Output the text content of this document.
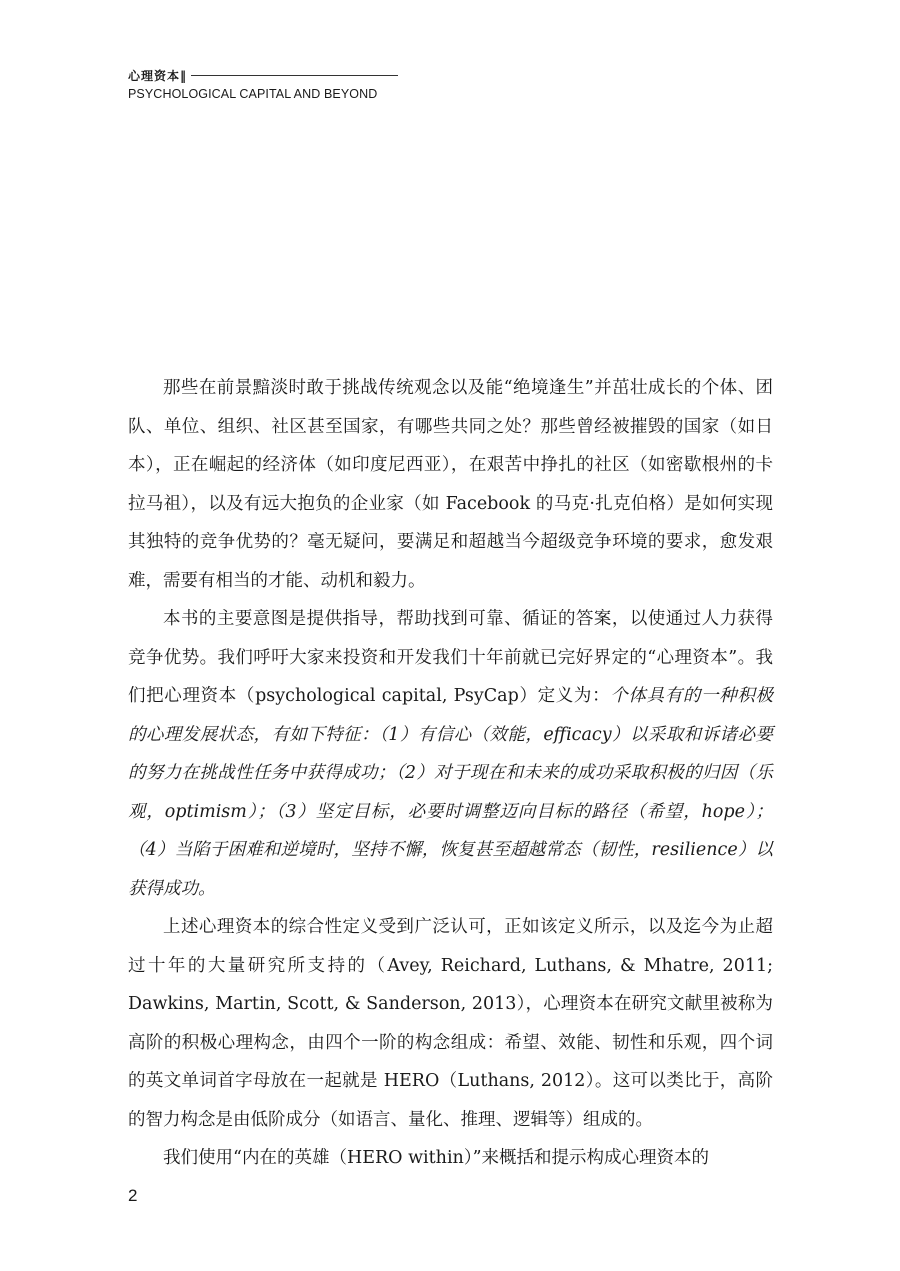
心理资本‖
PSYCHOLOGICAL CAPITAL AND BEYOND

那些在前景黯淡时敢于挑战传统观念以及能“绝境逢生”并茁壮成长的个体、团队、单位、组织、社区甚至国家，有哪些共同之处？那些曾经被摧毁的国家（如日本），正在崛起的经济体（如印度尼西亚），在艰苦中挣扎的社区（如密歇根州的卡拉马祖），以及有远大抱负的企业家（如 Facebook 的马克·扎克伯格）是如何实现其独特的竞争优势的？毫无疑问，要满足和超越当今超级竞争环境的要求，愈发艰难，需要有相当的才能、动机和毅力。

本书的主要意图是提供指导，帮助找到可靠、循证的答案，以使通过人力获得竞争优势。我们呼吁大家来投资和开发我们十年前就已完好界定的“心理资本”。我们把心理资本（psychological capital, PsyCap）定义为：个体具有的一种积极的心理发展状态，有如下特征：（1）有信心（效能，efficacy）以采取和诉诸必要的努力在挑战性任务中获得成功；（2）对于现在和未来的成功采取积极的归因（乐观，optimism）；（3）坚定目标，必要时调整迈向目标的路径（希望，hope）；（4）当陷于困难和逆境时，坚持不懈，恢复甚至超越常态（韧性，resilience）以获得成功。

上述心理资本的综合性定义受到广泛认可，正如该定义所示，以及迄今为止超过十年的大量研究所支持的（Avey, Reichard, Luthans, & Mhatre, 2011; Dawkins, Martin, Scott, & Sanderson, 2013），心理资本在研究文献里被称为高阶的积极心理构念，由四个一阶的构念组成：希望、效能、韧性和乐观，四个词的英文单词首字母放在一起就是 HERO（Luthans, 2012）。这可以类比于，高阶的智力构念是由低阶成分（如语言、量化、推理、逻辑等）组成的。

我们使用“内在的英雄（HERO within）”来概括和提示构成心理资本的

2
